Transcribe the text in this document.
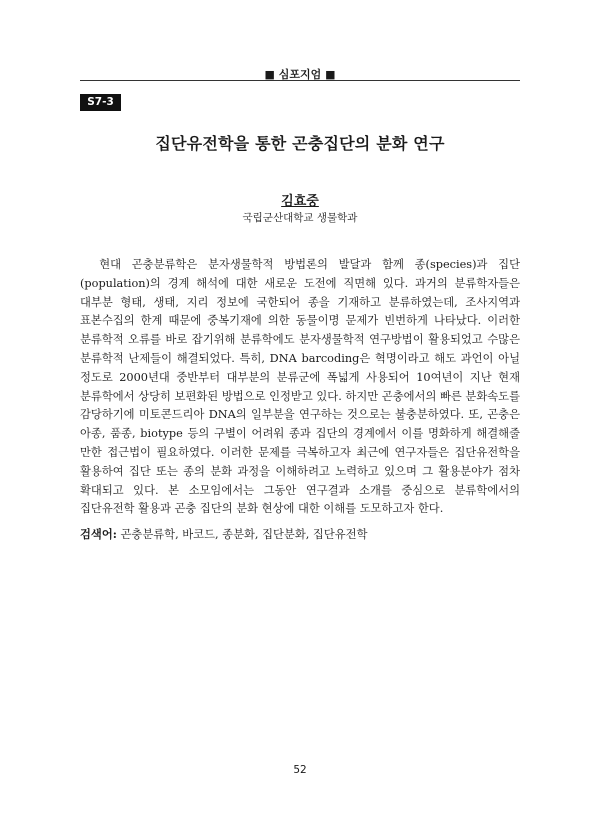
■ 심포지엄 ■
S7-3
집단유전학을 통한 곤충집단의 분화 연구
김효중
국립군산대학교 생물학과

현대 곤충분류학은 분자생물학적 방법론의 발달과 함께 종(species)과 집단(population)의 경계 해석에 대한 새로운 도전에 직면해 있다. 과거의 분류학자들은 대부분 형태, 생태, 지리 정보에 국한되어 종을 기재하고 분류하였는데, 조사지역과 표본수집의 한계 때문에 중복기재에 의한 동물이명 문제가 빈번하게 나타났다. 이러한 분류학적 오류를 바로 잡기위해 분류학에도 분자생물학적 연구방법이 활용되었고 수많은 분류학적 난제들이 해결되었다. 특히, DNA barcoding은 혁명이라고 해도 과언이 아닐 정도로 2000년대 중반부터 대부분의 분류군에 폭넓게 사용되어 10여년이 지난 현재 분류학에서 상당히 보편화된 방법으로 인정받고 있다. 하지만 곤충에서의 빠른 분화속도를 감당하기에 미토콘드리아 DNA의 일부분을 연구하는 것으로는 불충분하였다. 또, 곤충은 아종, 품종, biotype 등의 구별이 어려워 종과 집단의 경계에서 이를 명화하게 해결해줄 만한 접근법이 필요하였다. 이러한 문제를 극복하고자 최근에 연구자들은 집단유전학을 활용하여 집단 또는 종의 분화 과정을 이해하려고 노력하고 있으며 그 활용분야가 점차 확대되고 있다. 본 소모임에서는 그동안 연구결과 소개를 중심으로 분류학에서의 집단유전학 활용과 곤충 집단의 분화 현상에 대한 이해를 도모하고자 한다.

검색어: 곤충분류학, 바코드, 종분화, 집단분화, 집단유전학
52
